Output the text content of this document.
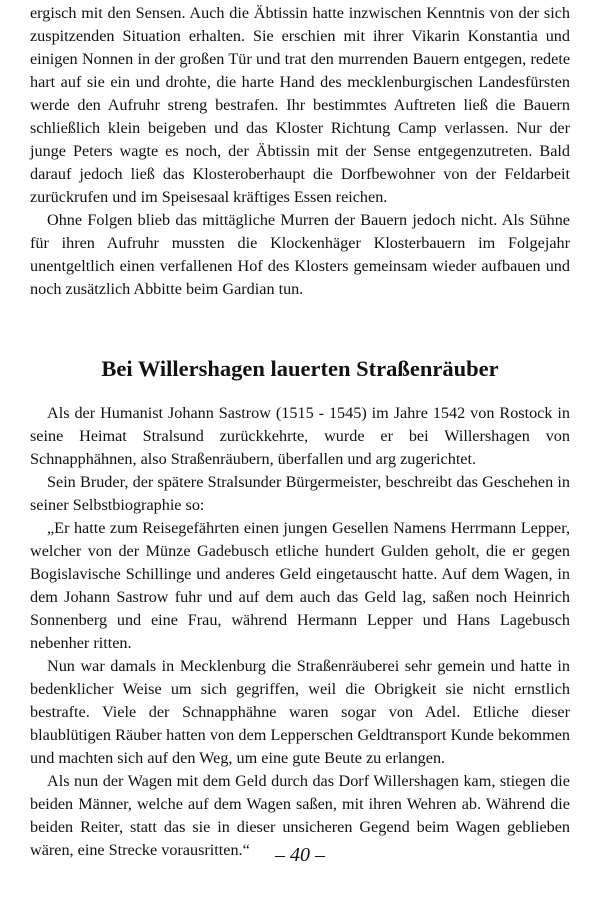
ergisch mit den Sensen. Auch die Äbtissin hatte inzwischen Kenntnis von der sich zuspitzenden Situation erhalten. Sie erschien mit ihrer Vikarin Konstantia und einigen Nonnen in der großen Tür und trat den murrenden Bauern entgegen, redete hart auf sie ein und drohte, die harte Hand des mecklenburgischen Landesfürsten werde den Aufruhr streng bestrafen. Ihr bestimmtes Auftreten ließ die Bauern schließlich klein beigeben und das Kloster Richtung Camp verlassen. Nur der junge Peters wagte es noch, der Äbtissin mit der Sense entgegenzutreten. Bald darauf jedoch ließ das Klosteroberhaupt die Dorfbewohner von der Feldarbeit zurückrufen und im Speisesaal kräftiges Essen reichen.

Ohne Folgen blieb das mittägliche Murren der Bauern jedoch nicht. Als Sühne für ihren Aufruhr mussten die Klockenhäger Klosterbauern im Folgejahr unentgeltlich einen verfallenen Hof des Klosters gemeinsam wieder aufbauen und noch zusätzlich Abbitte beim Gardian tun.

Bei Willershagen lauerten Straßenräuber

Als der Humanist Johann Sastrow (1515 - 1545) im Jahre 1542 von Rostock in seine Heimat Stralsund zurückkehrte, wurde er bei Willershagen von Schnapphähnen, also Straßenräubern, überfallen und arg zugerichtet.

Sein Bruder, der spätere Stralsunder Bürgermeister, beschreibt das Geschehen in seiner Selbstbiographie so:

„Er hatte zum Reisegefährten einen jungen Gesellen Namens Herrmann Lepper, welcher von der Münze Gadebusch etliche hundert Gulden geholt, die er gegen Bogislavische Schillinge und anderes Geld eingetauscht hatte. Auf dem Wagen, in dem Johann Sastrow fuhr und auf dem auch das Geld lag, saßen noch Heinrich Sonnenberg und eine Frau, während Hermann Lepper und Hans Lagebusch nebenher ritten.

Nun war damals in Mecklenburg die Straßenräuberei sehr gemein und hatte in bedenklicher Weise um sich gegriffen, weil die Obrigkeit sie nicht ernstlich bestrafte. Viele der Schnapphähne waren sogar von Adel. Etliche dieser blaublütigen Räuber hatten von dem Lepperschen Geldtransport Kunde bekommen und machten sich auf den Weg, um eine gute Beute zu erlangen.

Als nun der Wagen mit dem Geld durch das Dorf Willershagen kam, stiegen die beiden Männer, welche auf dem Wagen saßen, mit ihren Wehren ab. Während die beiden Reiter, statt das sie in dieser unsicheren Gegend beim Wagen geblieben wären, eine Strecke vorausritten.“	– 40 –
